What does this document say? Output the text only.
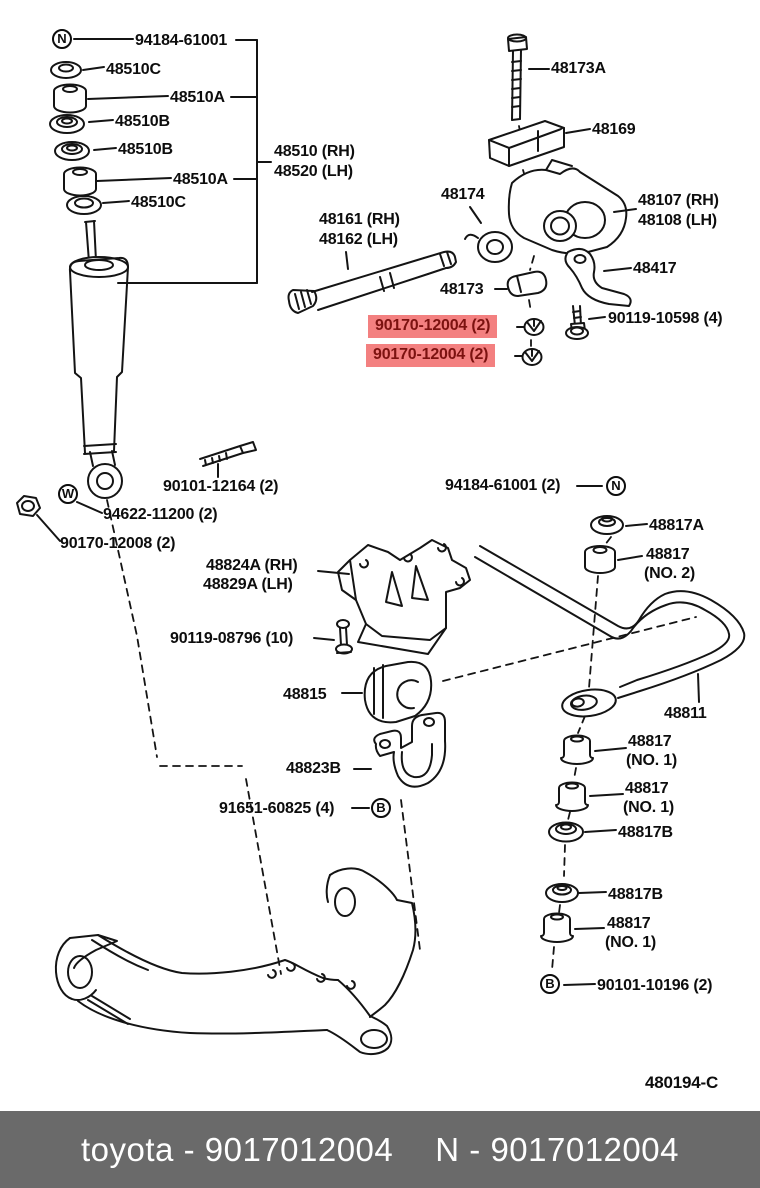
94184-61001
48510C
48510A
48510B
48510B
48510A
48510C
48510 (RH)
48520 (LH)
48173A
48169
48107 (RH)
48108 (LH)
48174
48161 (RH)
48162 (LH)
48417
48173
90119-10598 (4)
90170-12004 (2)
90170-12004 (2)
90101-12164 (2)
94622-11200 (2)
90170-12008 (2)
94184-61001 (2)
48817A
48817
(NO. 2)
48824A (RH)
48829A (LH)
90119-08796 (10)
48815
48823B
91651-60825 (4)
48811
48817
(NO. 1)
48817
(NO. 1)
48817B
48817B
48817
(NO. 1)
90101-10196 (2)
N
W
N
B
B
480194-C
toyota - 9017012004 N - 9017012004
